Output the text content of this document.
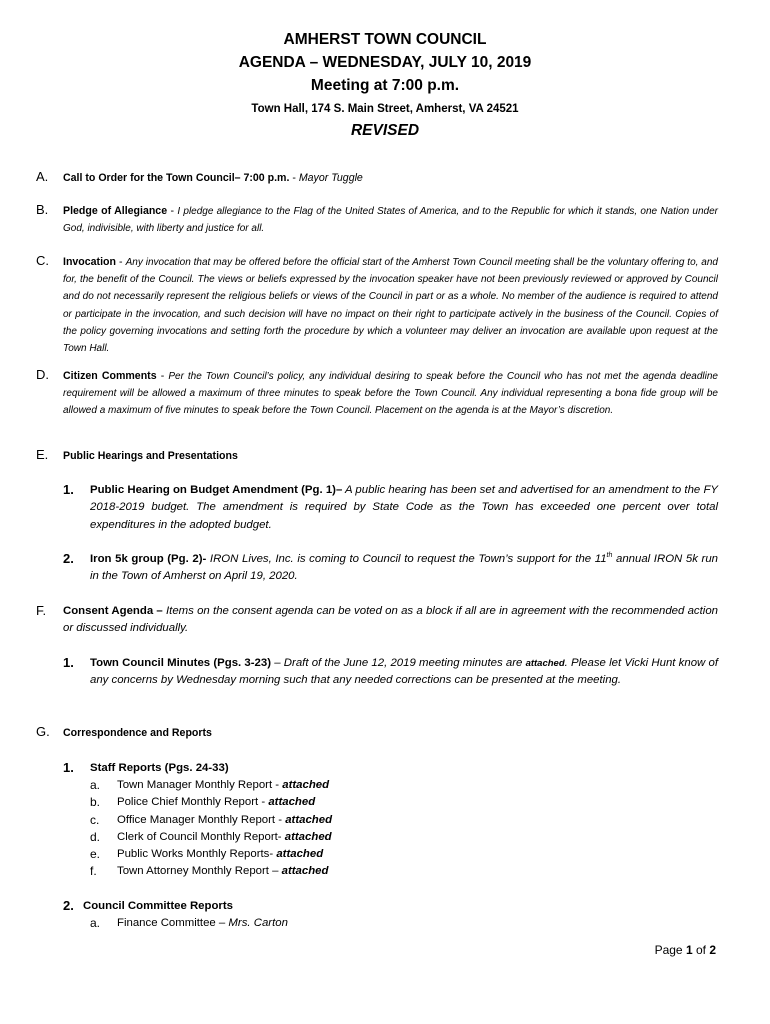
AMHERST TOWN COUNCIL
AGENDA – WEDNESDAY, JULY 10, 2019
Meeting at 7:00 p.m.
Town Hall, 174 S. Main Street, Amherst, VA 24521
REVISED
A.	Call to Order for the Town Council– 7:00 p.m. - Mayor Tuggle
B.	Pledge of Allegiance - I pledge allegiance to the Flag of the United States of America, and to the Republic for which it stands, one Nation under God, indivisible, with liberty and justice for all.
C.	Invocation - Any invocation that may be offered before the official start of the Amherst Town Council meeting shall be the voluntary offering to, and for, the benefit of the Council. The views or beliefs expressed by the invocation speaker have not been previously reviewed or approved by Council and do not necessarily represent the religious beliefs or views of the Council in part or as a whole. No member of the audience is required to attend or participate in the invocation, and such decision will have no impact on their right to participate actively in the business of the Council. Copies of the policy governing invocations and setting forth the procedure by which a volunteer may deliver an invocation are available upon request at the Town Hall.
D.	Citizen Comments - Per the Town Council’s policy, any individual desiring to speak before the Council who has not met the agenda deadline requirement will be allowed a maximum of three minutes to speak before the Town Council. Any individual representing a bona fide group will be allowed a maximum of five minutes to speak before the Town Council. Placement on the agenda is at the Mayor’s discretion.
E.	Public Hearings and Presentations
1. Public Hearing on Budget Amendment (Pg. 1)– A public hearing has been set and advertised for an amendment to the FY 2018-2019 budget. The amendment is required by State Code as the Town has exceeded one percent over total expenditures in the adopted budget.
2. Iron 5k group (Pg. 2)- IRON Lives, Inc. is coming to Council to request the Town’s support for the 11th annual IRON 5k run in the Town of Amherst on April 19, 2020.
F.	Consent Agenda – Items on the consent agenda can be voted on as a block if all are in agreement with the recommended action or discussed individually.
1. Town Council Minutes (Pgs. 3-23) – Draft of the June 12, 2019 meeting minutes are attached. Please let Vicki Hunt know of any concerns by Wednesday morning such that any needed corrections can be presented at the meeting.
G.	Correspondence and Reports
1. Staff Reports (Pgs. 24-33)
a.	Town Manager Monthly Report - attached
b.	Police Chief Monthly Report - attached
c.	Office Manager Monthly Report - attached
d.	Clerk of Council Monthly Report- attached
e.	Public Works Monthly Reports- attached
f.	Town Attorney Monthly Report – attached
2. Council Committee Reports
a.	Finance Committee – Mrs. Carton
Page 1 of 2
